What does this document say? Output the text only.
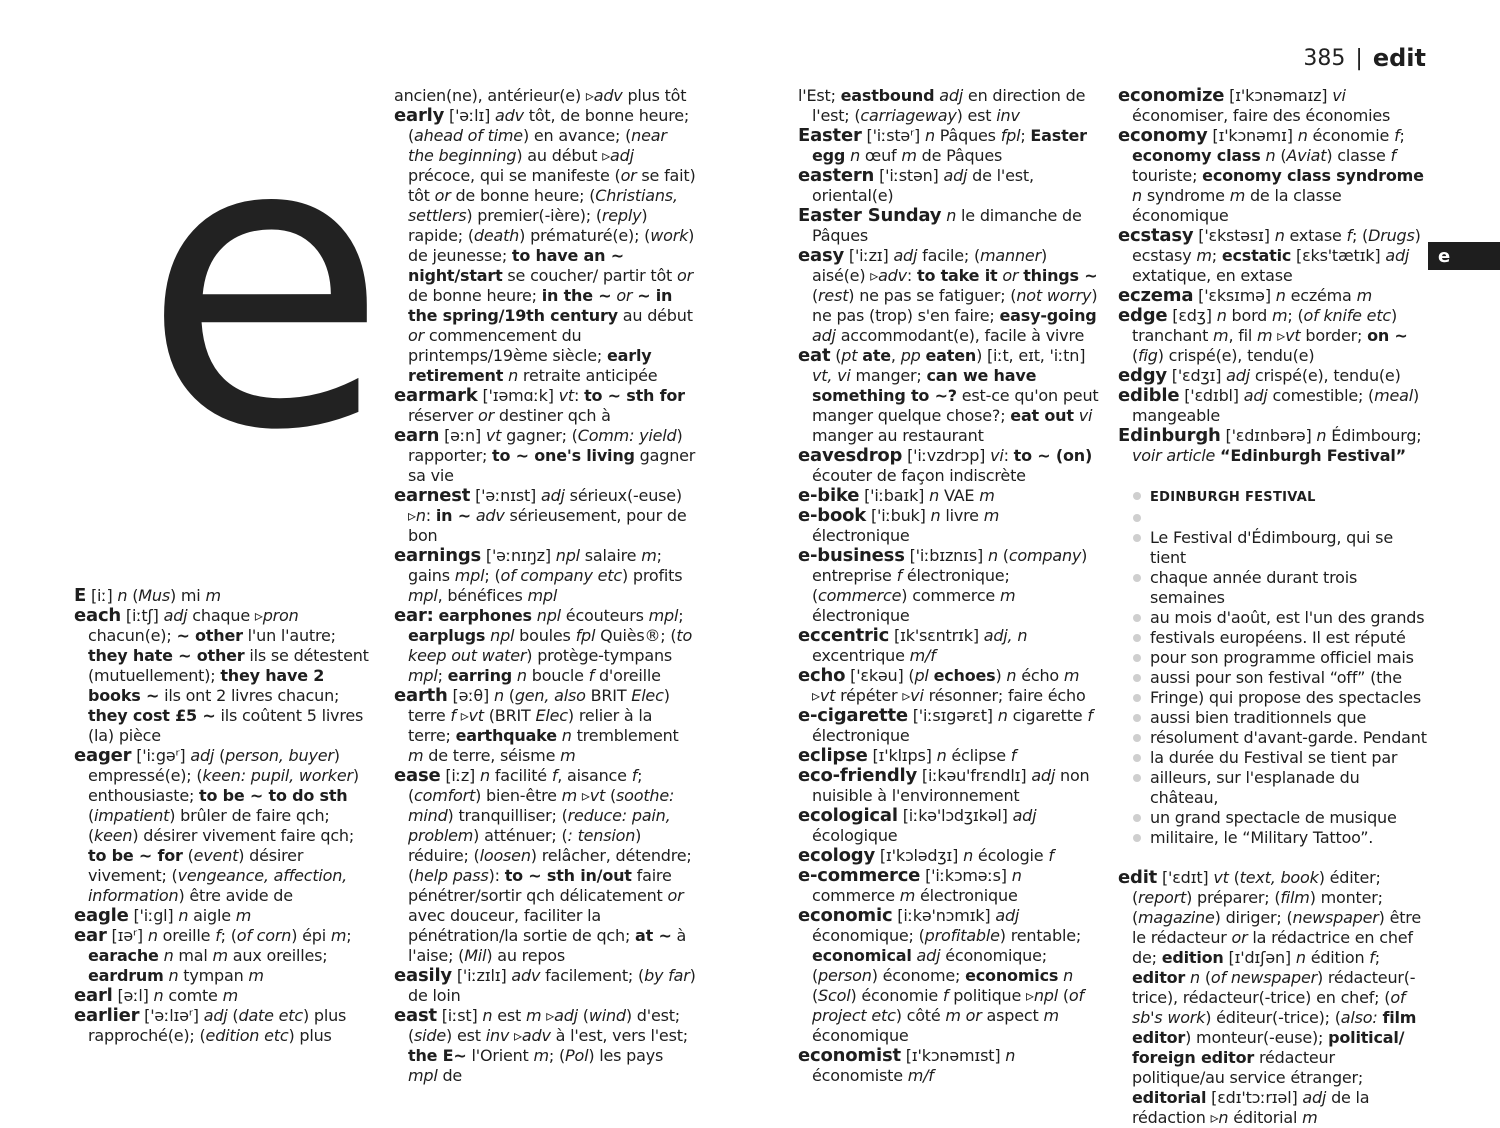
385 | edit
e	e
E [iː] n (Mus) mi m
each [iːtʃ] adj chaque ▹pron chacun(e); ~ other l'un l'autre; they hate ~ other ils se détestent (mutuellement); they have 2 books ~ ils ont 2 livres chacun; they cost £5 ~ ils coûtent 5 livres (la) pièce
eager ['iːgəʳ] adj (person, buyer) empressé(e); (keen: pupil, worker) enthousiaste; to be ~ to do sth (impatient) brûler de faire qch; (keen) désirer vivement faire qch; to be ~ for (event) désirer vivement; (vengeance, affection, information) être avide de
eagle ['iːgl] n aigle m
ear [ɪəʳ] n oreille f; (of corn) épi m; earache n mal m aux oreilles; eardrum n tympan m
earl [əːl] n comte m
earlier ['əːlɪəʳ] adj (date etc) plus rapproché(e); (edition etc) plus
ancien(ne), antérieur(e) ▹adv plus tôt
early ['əːlɪ] adv tôt, de bonne heure; (ahead of time) en avance; (near the beginning) au début ▹adj précoce, qui se manifeste (or se fait) tôt or de bonne heure; (Christians, settlers) premier(-ière); (reply) rapide; (death) prématuré(e); (work) de jeunesse; to have an ~ night/start se coucher/ partir tôt or de bonne heure; in the ~ or ~ in the spring/19th century au début or commencement du printemps/19ème siècle; early retirement n retraite anticipée
earmark ['ɪəmɑːk] vt: to ~ sth for réserver or destiner qch à
earn [əːn] vt gagner; (Comm: yield) rapporter; to ~ one's living gagner sa vie
earnest ['əːnɪst] adj sérieux(-euse) ▹n: in ~ adv sérieusement, pour de bon
earnings ['əːnɪŋz] npl salaire m; gains mpl; (of company etc) profits mpl, bénéfices mpl
ear: earphones npl écouteurs mpl; earplugs npl boules fpl Quiès®; (to keep out water) protège-tympans mpl; earring n boucle f d'oreille
earth [əːθ] n (gen, also BRIT Elec) terre f ▹vt (BRIT Elec) relier à la terre; earthquake n tremblement m de terre, séisme m
ease [iːz] n facilité f, aisance f; (comfort) bien-être m ▹vt (soothe: mind) tranquilliser; (reduce: pain, problem) atténuer; (: tension) réduire; (loosen) relâcher, détendre; (help pass): to ~ sth in/out faire pénétrer/sortir qch délicatement or avec douceur, faciliter la pénétration/la sortie de qch; at ~ à l'aise; (Mil) au repos
easily ['iːzɪlɪ] adv facilement; (by far) de loin
east [iːst] n est m ▹adj (wind) d'est; (side) est inv ▹adv à l'est, vers l'est; the E~ l'Orient m; (Pol) les pays mpl de
l'Est; eastbound adj en direction de l'est; (carriageway) est inv
Easter ['iːstəʳ] n Pâques fpl; Easter egg n œuf m de Pâques
eastern ['iːstən] adj de l'est, oriental(e)
Easter Sunday n le dimanche de Pâques
easy ['iːzɪ] adj facile; (manner) aisé(e) ▹adv: to take it or things ~ (rest) ne pas se fatiguer; (not worry) ne pas (trop) s'en faire; easy-going adj accommodant(e), facile à vivre
eat (pt ate, pp eaten) [iːt, eɪt, 'iːtn] vt, vi manger; can we have something to ~? est-ce qu'on peut manger quelque chose?; eat out vi manger au restaurant
eavesdrop ['iːvzdrɔp] vi: to ~ (on) écouter de façon indiscrète
e-bike ['iːbaɪk] n VAE m
e-book ['iːbuk] n livre m électronique
e-business ['iːbɪznɪs] n (company) entreprise f électronique; (commerce) commerce m électronique
eccentric [ɪk'sɛntrɪk] adj, n excentrique m/f
echo ['ɛkəu] (pl echoes) n écho m ▹vt répéter ▹vi résonner; faire écho
e-cigarette ['iːsɪgərɛt] n cigarette f électronique
eclipse [ɪ'klɪps] n éclipse f
eco-friendly [iːkəu'frɛndlɪ] adj non nuisible à l'environnement
ecological [iːkə'lɔdʒɪkəl] adj écologique
ecology [ɪ'kɔlədʒɪ] n écologie f
e-commerce ['iːkɔməːs] n commerce m électronique
economic [iːkə'nɔmɪk] adj économique; (profitable) rentable; economical adj économique; (person) économe; economics n (Scol) économie f politique ▹npl (of project etc) côté m or aspect m économique
economist [ɪ'kɔnəmɪst] n économiste m/f
economize [ɪ'kɔnəmaɪz] vi économiser, faire des économies
economy [ɪ'kɔnəmɪ] n économie f; economy class n (Aviat) classe f touriste; economy class syndrome n syndrome m de la classe économique
ecstasy ['ɛkstəsɪ] n extase f; (Drugs) ecstasy m; ecstatic [ɛks'tætɪk] adj extatique, en extase
eczema ['ɛksɪmə] n eczéma m
edge [ɛdʒ] n bord m; (of knife etc) tranchant m, fil m ▹vt border; on ~ (fig) crispé(e), tendu(e)
edgy ['ɛdʒɪ] adj crispé(e), tendu(e)
edible ['ɛdɪbl] adj comestible; (meal) mangeable
Edinburgh ['ɛdɪnbərə] n Édimbourg; voir article “Edinburgh Festival”
EDINBURGH FESTIVAL

Le Festival d'Édimbourg, qui se tient
chaque année durant trois semaines
au mois d'août, est l'un des grands
festivals européens. Il est réputé
pour son programme officiel mais
aussi pour son festival “off” (the
Fringe) qui propose des spectacles
aussi bien traditionnels que
résolument d'avant-garde. Pendant
la durée du Festival se tient par
ailleurs, sur l'esplanade du château,
un grand spectacle de musique
militaire, le “Military Tattoo”.
edit ['ɛdɪt] vt (text, book) éditer; (report) préparer; (film) monter; (magazine) diriger; (newspaper) être le rédacteur or la rédactrice en chef de; edition [ɪ'dɪʃən] n édition f; editor n (of newspaper) rédacteur(-trice), rédacteur(-trice) en chef; (of sb's work) éditeur(-trice); (also: film editor) monteur(-euse); political/ foreign editor rédacteur politique/au service étranger; editorial [ɛdɪ'tɔːrɪəl] adj de la rédaction ▹n éditorial m
